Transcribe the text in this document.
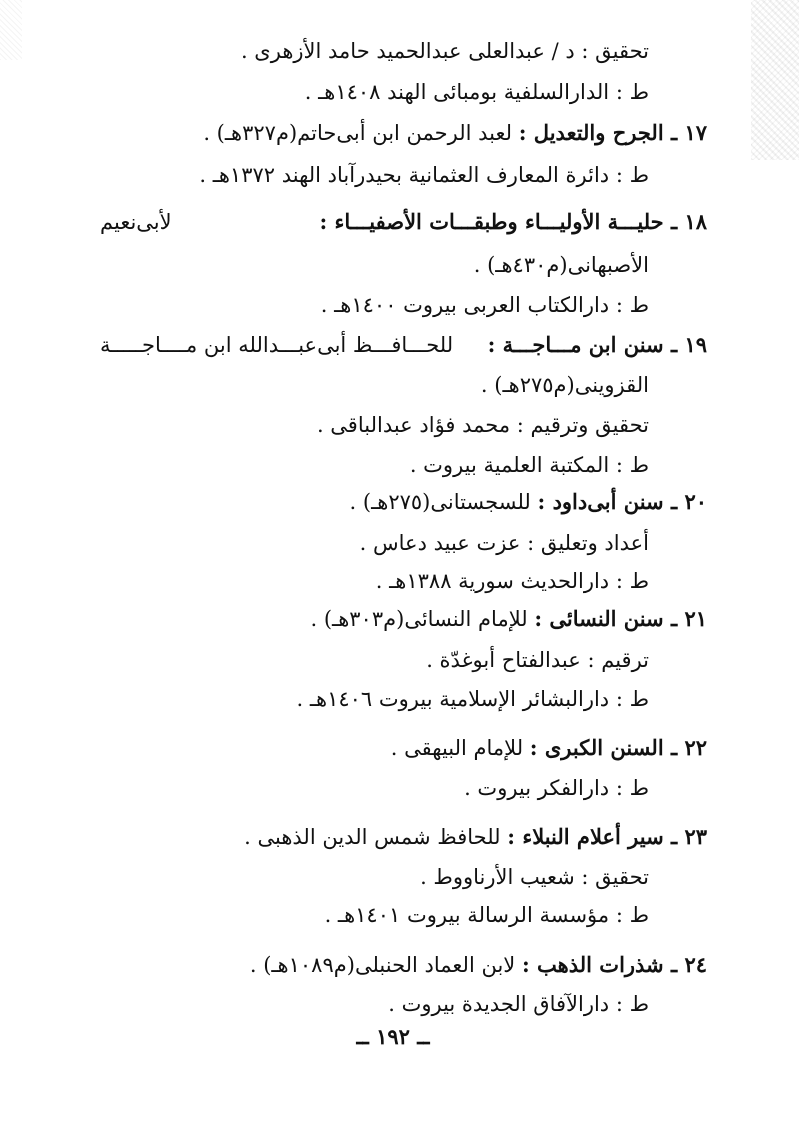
تحقيق : د / عبدالعلى عبدالحميد حامد الأزهرى .
ط : الدارالسلفية بومبائى الهند ١٤٠٨هـ .
١٧ ـ الجرح والتعديل : لعبد الرحمن ابن أبى‌حاتم(م٣٢٧هـ) .
ط : دائرة المعارف العثمانية بحيدرآباد الهند ١٣٧٢هـ .
١٨ ـ حليـــة الأوليـــاء وطبقـــات الأصفيـــاء :
لأبى‌نعيم
الأصبهانى(م٤٣٠هـ) .
ط : دارالكتاب العربى بيروت ١٤٠٠هـ .
١٩ ـ سنن ابن مـــاجـــة :
للحـــافـــظ أبى‌عبـــدالله ابن مــــاجـــــة
القزوينى(م٢٧٥هـ) .
تحقيق وترقيم : محمد فؤاد عبدالباقى .
ط : المكتبة العلمية بيروت .
٢٠ ـ سنن أبى‌داود : للسجستانى(٢٧٥هـ) .
أعداد وتعليق : عزت عبيد دعاس .
ط : دارالحديث سورية ١٣٨٨هـ .
٢١ ـ سنن النسائى : للإمام النسائى(م٣٠٣هـ) .
ترقيم : عبدالفتاح أبوغدّة .
ط : دارالبشائر الإسلامية بيروت ١٤٠٦هـ .
٢٢ ـ السنن الكبرى : للإمام البيهقى .
ط : دارالفكر بيروت .
٢٣ ـ سير أعلام النبلاء : للحافظ شمس الدين الذهبى .
تحقيق : شعيب الأرناووط .
ط : مؤسسة الرسالة بيروت ١٤٠١هـ .
٢٤ ـ شذرات الذهب : لابن العماد الحنبلى(م١٠٨٩هـ) .
ط : دارالآفاق الجديدة بيروت .
ــ ١٩٢ ــ
